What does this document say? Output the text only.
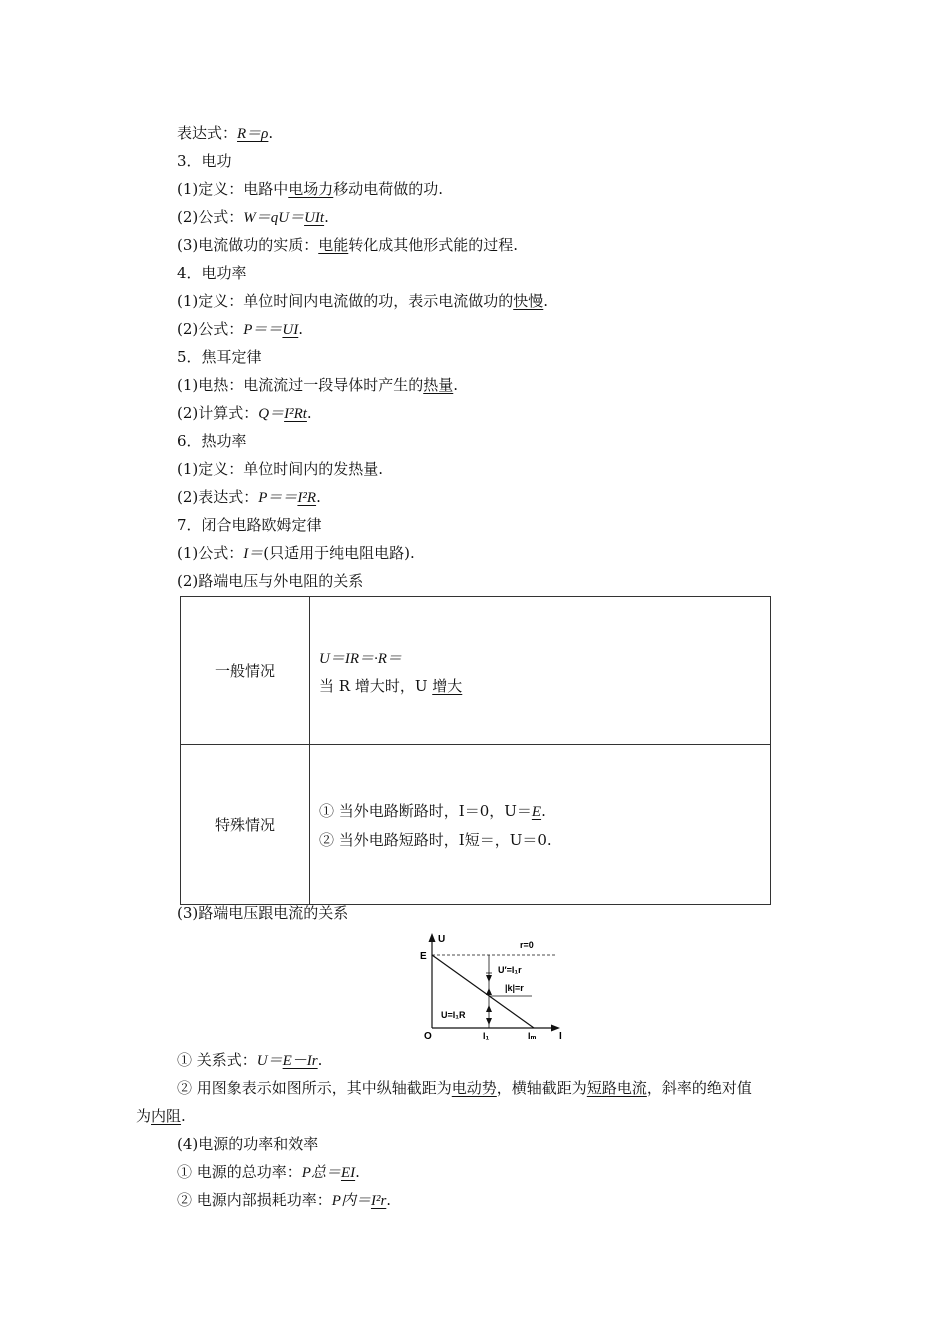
表达式：R＝ρ.
3．电功
(1)定义：电路中电场力移动电荷做的功.
(2)公式：W＝qU＝UIt.
(3)电流做功的实质：电能转化成其他形式能的过程.
4．电功率
(1)定义：单位时间内电流做的功，表示电流做功的快慢.
(2)公式：P＝＝UI.
5．焦耳定律
(1)电热：电流流过一段导体时产生的热量.
(2)计算式：Q＝I²Rt.
6．热功率
(1)定义：单位时间内的发热量.
(2)表达式：P＝＝I²R.
7．闭合电路欧姆定律
(1)公式：I＝(只适用于纯电阻电路).
(2)路端电压与外电阻的关系
一般情况	U＝IR＝·R＝
当 R 增大时，U 增大

特殊情况	① 当外电路断路时，I＝0，U＝E.
② 当外电路短路时，I短＝，U＝0.
(3)路端电压跟电流的关系
U
E
r=0
U′=I₁r
|k|=r
U=I₁R
O	I₁	Iₘ I
① 关系式：U＝E－Ir.
② 用图象表示如图所示，其中纵轴截距为电动势，横轴截距为短路电流，斜率的绝对值
为内阻.
(4)电源的功率和效率
① 电源的总功率：P总＝EI.
② 电源内部损耗功率：P内＝I²r.
